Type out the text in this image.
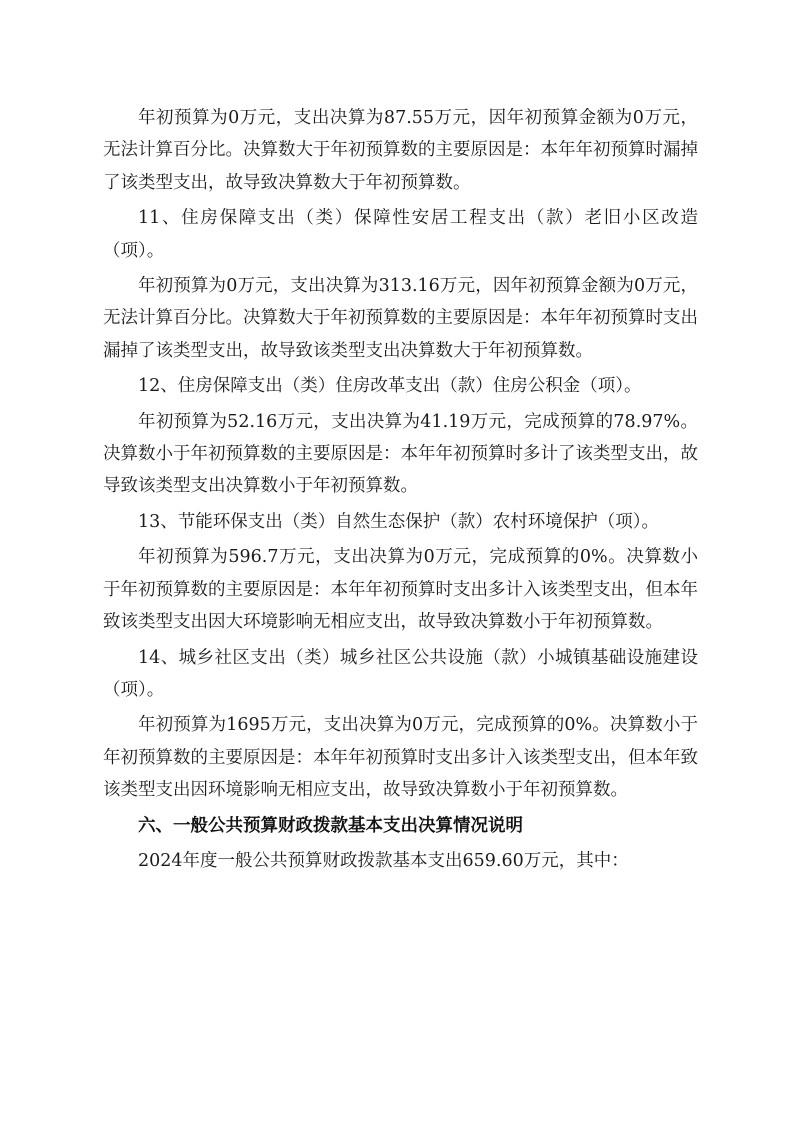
年初预算为0万元，支出决算为87.55万元，因年初预算金额为0万元，无法计算百分比。决算数大于年初预算数的主要原因是：本年年初预算时漏掉了该类型支出，故导致决算数大于年初预算数。

11、住房保障支出（类）保障性安居工程支出（款）老旧小区改造（项）。

年初预算为0万元，支出决算为313.16万元，因年初预算金额为0万元，无法计算百分比。决算数大于年初预算数的主要原因是：本年年初预算时支出漏掉了该类型支出，故导致该类型支出决算数大于年初预算数。

12、住房保障支出（类）住房改革支出（款）住房公积金（项）。

年初预算为52.16万元，支出决算为41.19万元，完成预算的78.97%。决算数小于年初预算数的主要原因是：本年年初预算时多计了该类型支出，故导致该类型支出决算数小于年初预算数。

13、节能环保支出（类）自然生态保护（款）农村环境保护（项）。

年初预算为596.7万元，支出决算为0万元，完成预算的0%。决算数小于年初预算数的主要原因是：本年年初预算时支出多计入该类型支出，但本年致该类型支出因大环境影响无相应支出，故导致决算数小于年初预算数。

14、城乡社区支出（类）城乡社区公共设施（款）小城镇基础设施建设（项）。

年初预算为1695万元，支出决算为0万元，完成预算的0%。决算数小于年初预算数的主要原因是：本年年初预算时支出多计入该类型支出，但本年致该类型支出因环境影响无相应支出，故导致决算数小于年初预算数。

六、一般公共预算财政拨款基本支出决算情况说明

2024年度一般公共预算财政拨款基本支出659.60万元，其中：
